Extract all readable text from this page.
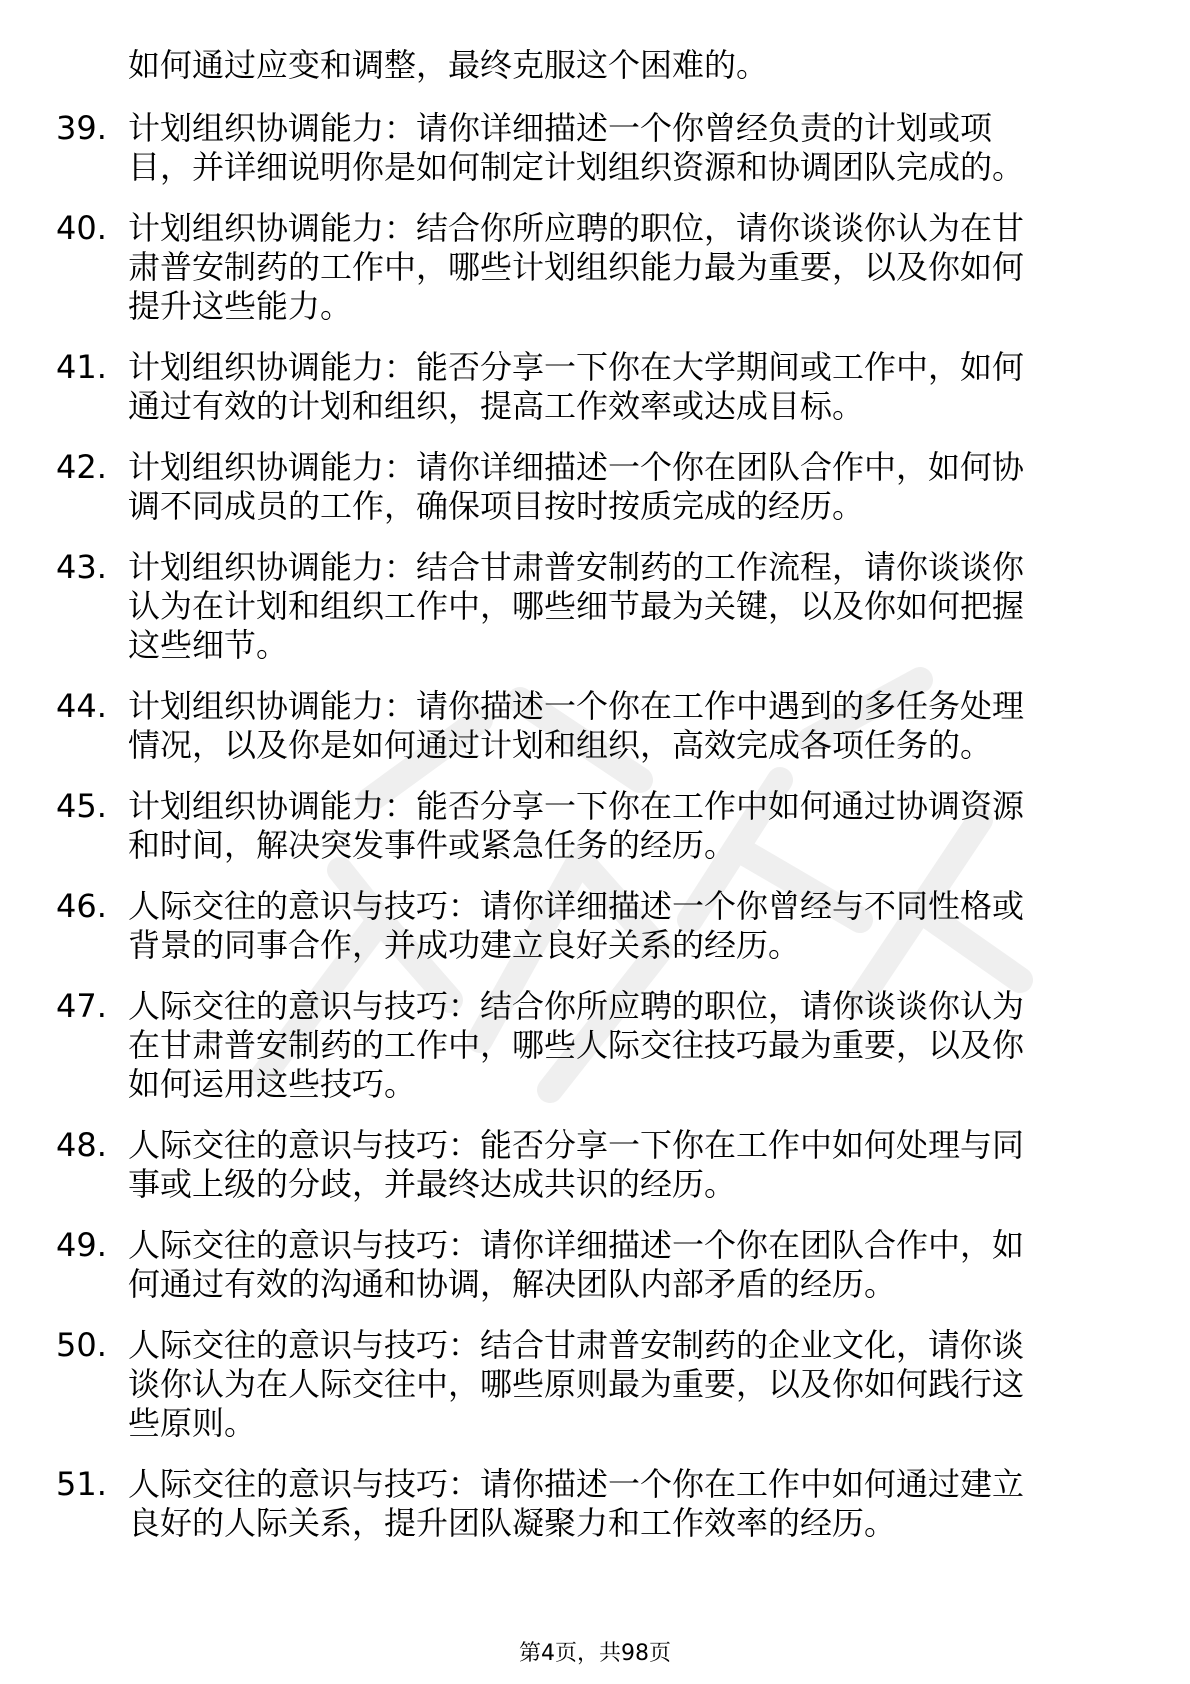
如何通过应变和调整，最终克服这个困难的。
39. 计划组织协调能力：请你详细描述一个你曾经负责的计划或项
目，并详细说明你是如何制定计划组织资源和协调团队完成的。
40. 计划组织协调能力：结合你所应聘的职位，请你谈谈你认为在甘
肃普安制药的工作中，哪些计划组织能力最为重要，以及你如何
提升这些能力。
41. 计划组织协调能力：能否分享一下你在大学期间或工作中，如何
通过有效的计划和组织，提高工作效率或达成目标。
42. 计划组织协调能力：请你详细描述一个你在团队合作中，如何协
调不同成员的工作，确保项目按时按质完成的经历。
43. 计划组织协调能力：结合甘肃普安制药的工作流程，请你谈谈你
认为在计划和组织工作中，哪些细节最为关键，以及你如何把握
这些细节。
44. 计划组织协调能力：请你描述一个你在工作中遇到的多任务处理
情况，以及你是如何通过计划和组织，高效完成各项任务的。
45. 计划组织协调能力：能否分享一下你在工作中如何通过协调资源
和时间，解决突发事件或紧急任务的经历。
46. 人际交往的意识与技巧：请你详细描述一个你曾经与不同性格或
背景的同事合作，并成功建立良好关系的经历。
47. 人际交往的意识与技巧：结合你所应聘的职位，请你谈谈你认为
在甘肃普安制药的工作中，哪些人际交往技巧最为重要，以及你
如何运用这些技巧。
48. 人际交往的意识与技巧：能否分享一下你在工作中如何处理与同
事或上级的分歧，并最终达成共识的经历。
49. 人际交往的意识与技巧：请你详细描述一个你在团队合作中，如
何通过有效的沟通和协调，解决团队内部矛盾的经历。
50. 人际交往的意识与技巧：结合甘肃普安制药的企业文化，请你谈
谈你认为在人际交往中，哪些原则最为重要，以及你如何践行这
些原则。
51. 人际交往的意识与技巧：请你描述一个你在工作中如何通过建立
良好的人际关系，提升团队凝聚力和工作效率的经历。
第4页，共98页
